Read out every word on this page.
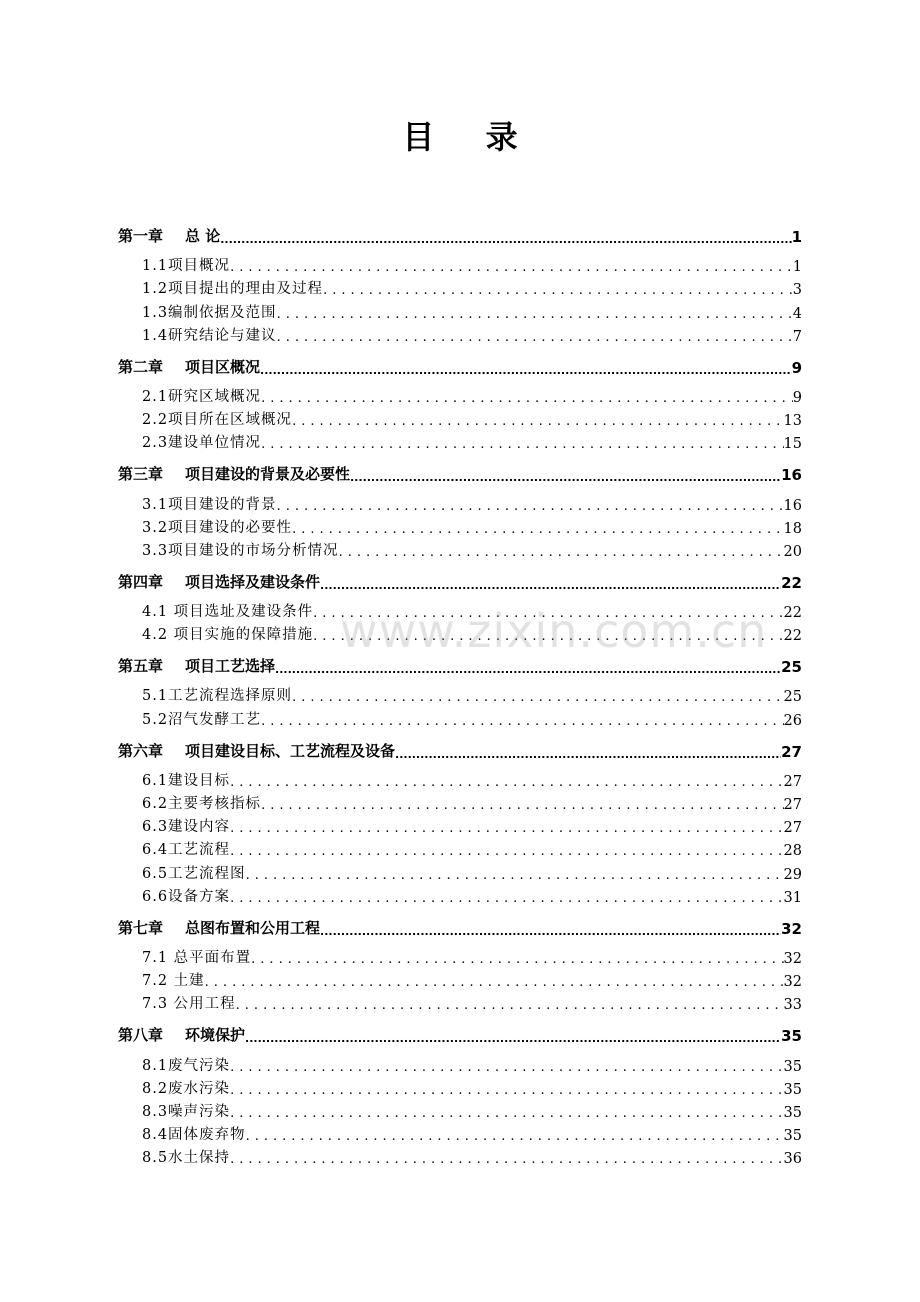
目 录
第一章 总 论 .....	1
1.1项目概况 .....	1
1.2项目提出的理由及过程 .....	3
1.3编制依据及范围 .....	4
1.4研究结论与建议 .....	7
第二章 项目区概况 .....	9
2.1研究区域概况 .....	9
2.2项目所在区域概况 .....	13
2.3建设单位情况 .....	15
第三章 项目建设的背景及必要性 .....	16
3.1项目建设的背景 .....	16
3.2项目建设的必要性 .....	18
3.3项目建设的市场分析情况 .....	20
第四章 项目选择及建设条件 .....	22
4.1 项目选址及建设条件 .....	22
4.2 项目实施的保障措施 .....	22
第五章 项目工艺选择 .....	25
5.1工艺流程选择原则 .....	25
5.2沼气发酵工艺 .....	26
第六章 项目建设目标、工艺流程及设备 .....	27
6.1建设目标 .....	27
6.2主要考核指标 .....	27
6.3建设内容 .....	27
6.4工艺流程 .....	28
6.5工艺流程图 .....	29
6.6设备方案 .....	31
第七章 总图布置和公用工程 .....	32
7.1 总平面布置 .....	32
7.2 土建 .....	32
7.3 公用工程 .....	33
第八章 环境保护 .....	35
8.1废气污染 .....	35
8.2废水污染 .....	35
8.3噪声污染 .....	35
8.4固体废弃物 .....	35
8.5水土保持 .....	36
www.zixin.com.cn
